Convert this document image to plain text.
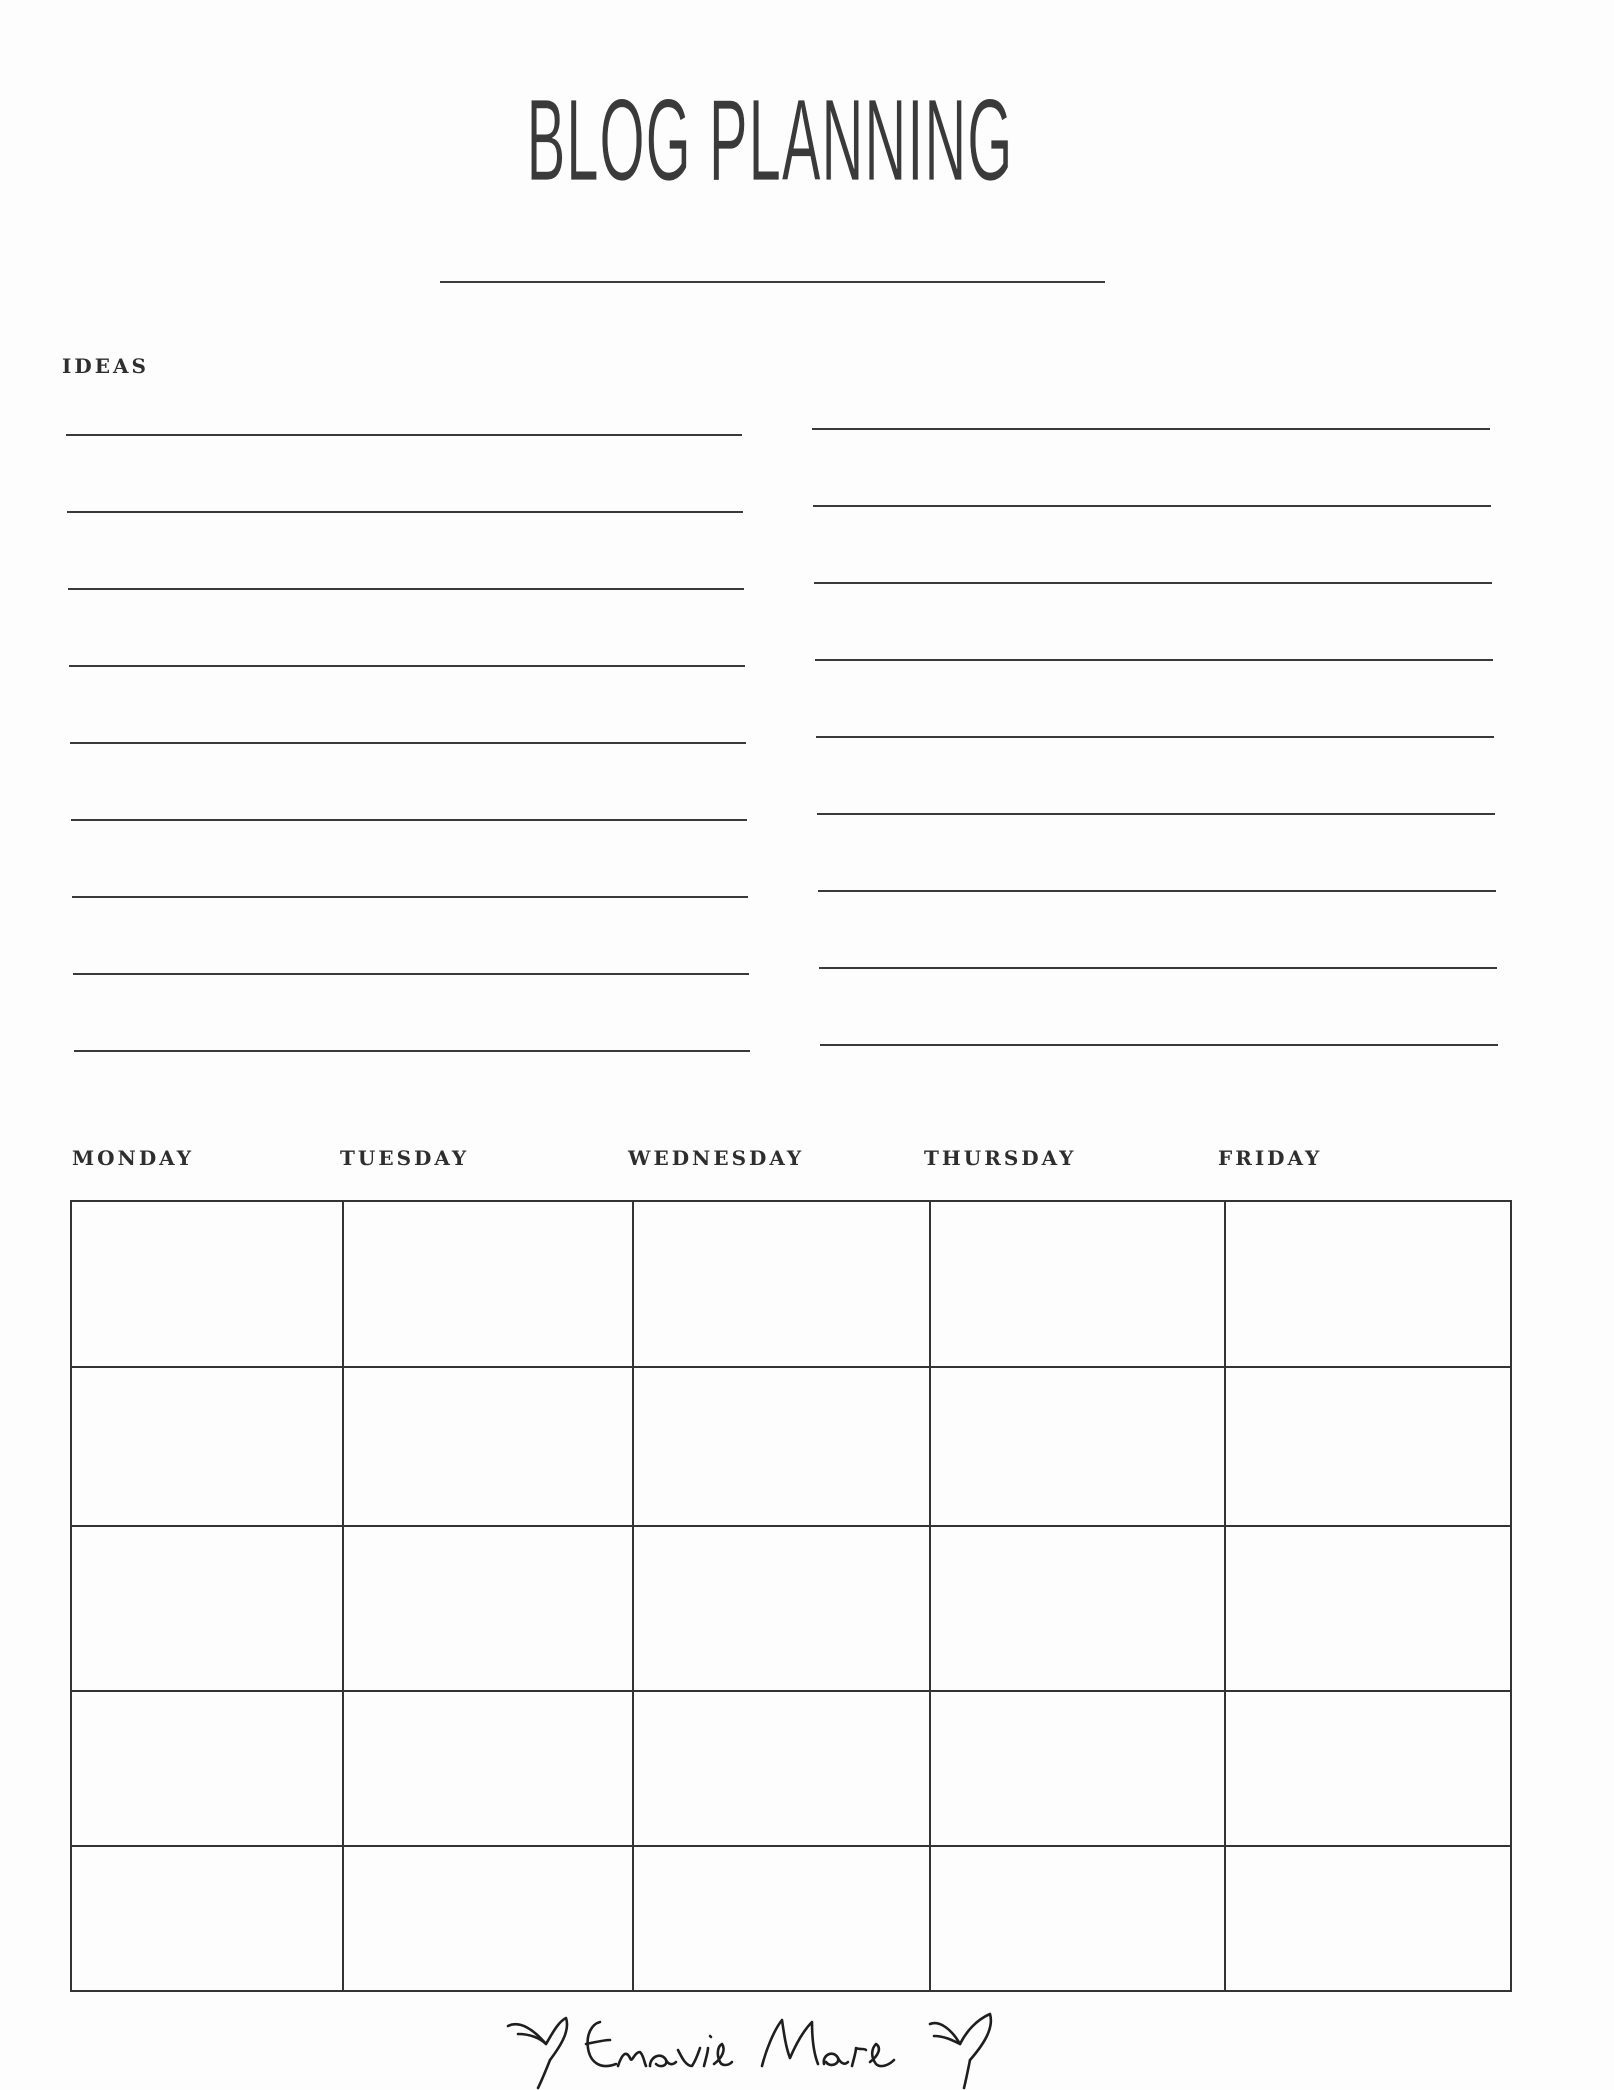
BLOG PLANNING
IDEAS
MONDAY	TUESDAY	WEDNESDAY	THURSDAY	FRIDAY
